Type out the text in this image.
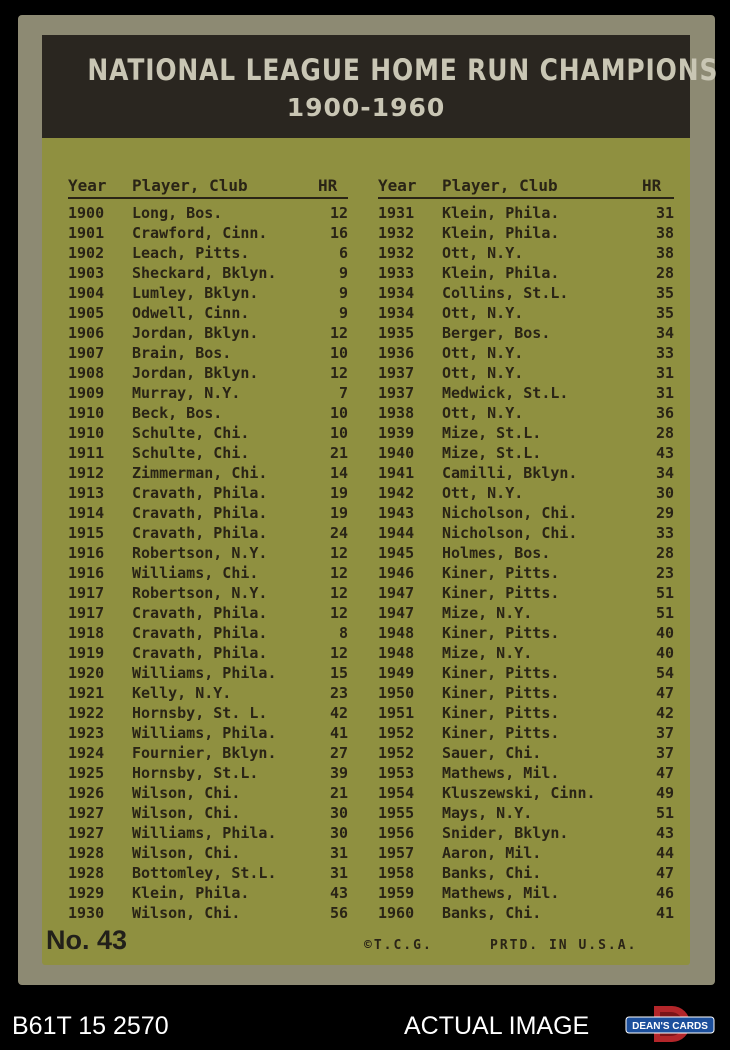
NATIONAL LEAGUE HOME RUN CHAMPIONS
1900-1960
Year Player, Club	HR	Year Player, Club	HR
1900 Long, Bos.	12
1901 Crawford, Cinn.	16
1902 Leach, Pitts.	6
1903 Sheckard, Bklyn.	9
1904 Lumley, Bklyn.	9
1905 Odwell, Cinn.	9
1906 Jordan, Bklyn.	12
1907 Brain, Bos.	10
1908 Jordan, Bklyn.	12
1909 Murray, N.Y.	7
1910 Beck, Bos.	10
1910 Schulte, Chi.	10
1911 Schulte, Chi.	21
1912 Zimmerman, Chi.	14
1913 Cravath, Phila.	19
1914 Cravath, Phila.	19
1915 Cravath, Phila.	24
1916 Robertson, N.Y.	12
1916 Williams, Chi.	12
1917 Robertson, N.Y.	12
1917 Cravath, Phila.	12
1918 Cravath, Phila.	8
1919 Cravath, Phila.	12
1920 Williams, Phila.	15
1921 Kelly, N.Y.	23
1922 Hornsby, St. L.	42
1923 Williams, Phila.	41
1924 Fournier, Bklyn.	27
1925 Hornsby, St.L.	39
1926 Wilson, Chi.	21
1927 Wilson, Chi.	30
1927 Williams, Phila.	30
1928 Wilson, Chi.	31
1928 Bottomley, St.L.	31
1929 Klein, Phila.	43
1930 Wilson, Chi.	56
1931 Klein, Phila.	31
1932 Klein, Phila.	38
1932 Ott, N.Y.	38
1933 Klein, Phila.	28
1934 Collins, St.L.	35
1934 Ott, N.Y.	35
1935 Berger, Bos.	34
1936 Ott, N.Y.	33
1937 Ott, N.Y.	31
1937 Medwick, St.L.	31
1938 Ott, N.Y.	36
1939 Mize, St.L.	28
1940 Mize, St.L.	43
1941 Camilli, Bklyn.	34
1942 Ott, N.Y.	30
1943 Nicholson, Chi.	29
1944 Nicholson, Chi.	33
1945 Holmes, Bos.	28
1946 Kiner, Pitts.	23
1947 Kiner, Pitts.	51
1947 Mize, N.Y.	51
1948 Kiner, Pitts.	40
1948 Mize, N.Y.	40
1949 Kiner, Pitts.	54
1950 Kiner, Pitts.	47
1951 Kiner, Pitts.	42
1952 Kiner, Pitts.	37
1952 Sauer, Chi.	37
1953 Mathews, Mil.	47
1954 Kluszewski, Cinn.	49
1955 Mays, N.Y.	51
1956 Snider, Bklyn.	43
1957 Aaron, Mil.	44
1958 Banks, Chi.	47
1959 Mathews, Mil.	46
1960 Banks, Chi.	41
No. 43	©T.C.G.	PRTD. IN U.S.A.
B61T 15 2570	ACTUAL IMAGE	DEAN'S CARDS
